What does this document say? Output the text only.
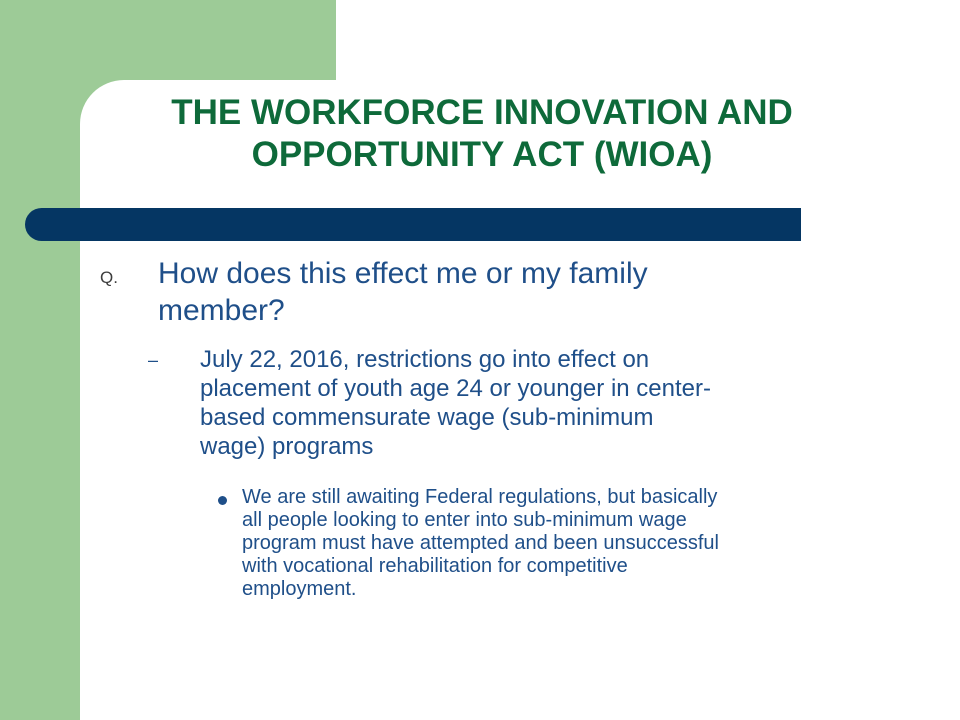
THE WORKFORCE INNOVATION AND
OPPORTUNITY ACT (WIOA)
Q. How does this effect me or my family
member?
– July 22, 2016, restrictions go into effect on
placement of youth age 24 or younger in center-
based commensurate wage (sub-minimum
wage) programs
We are still awaiting Federal regulations, but basically
all people looking to enter into sub-minimum wage
program must have attempted and been unsuccessful
with vocational rehabilitation for competitive
employment.
